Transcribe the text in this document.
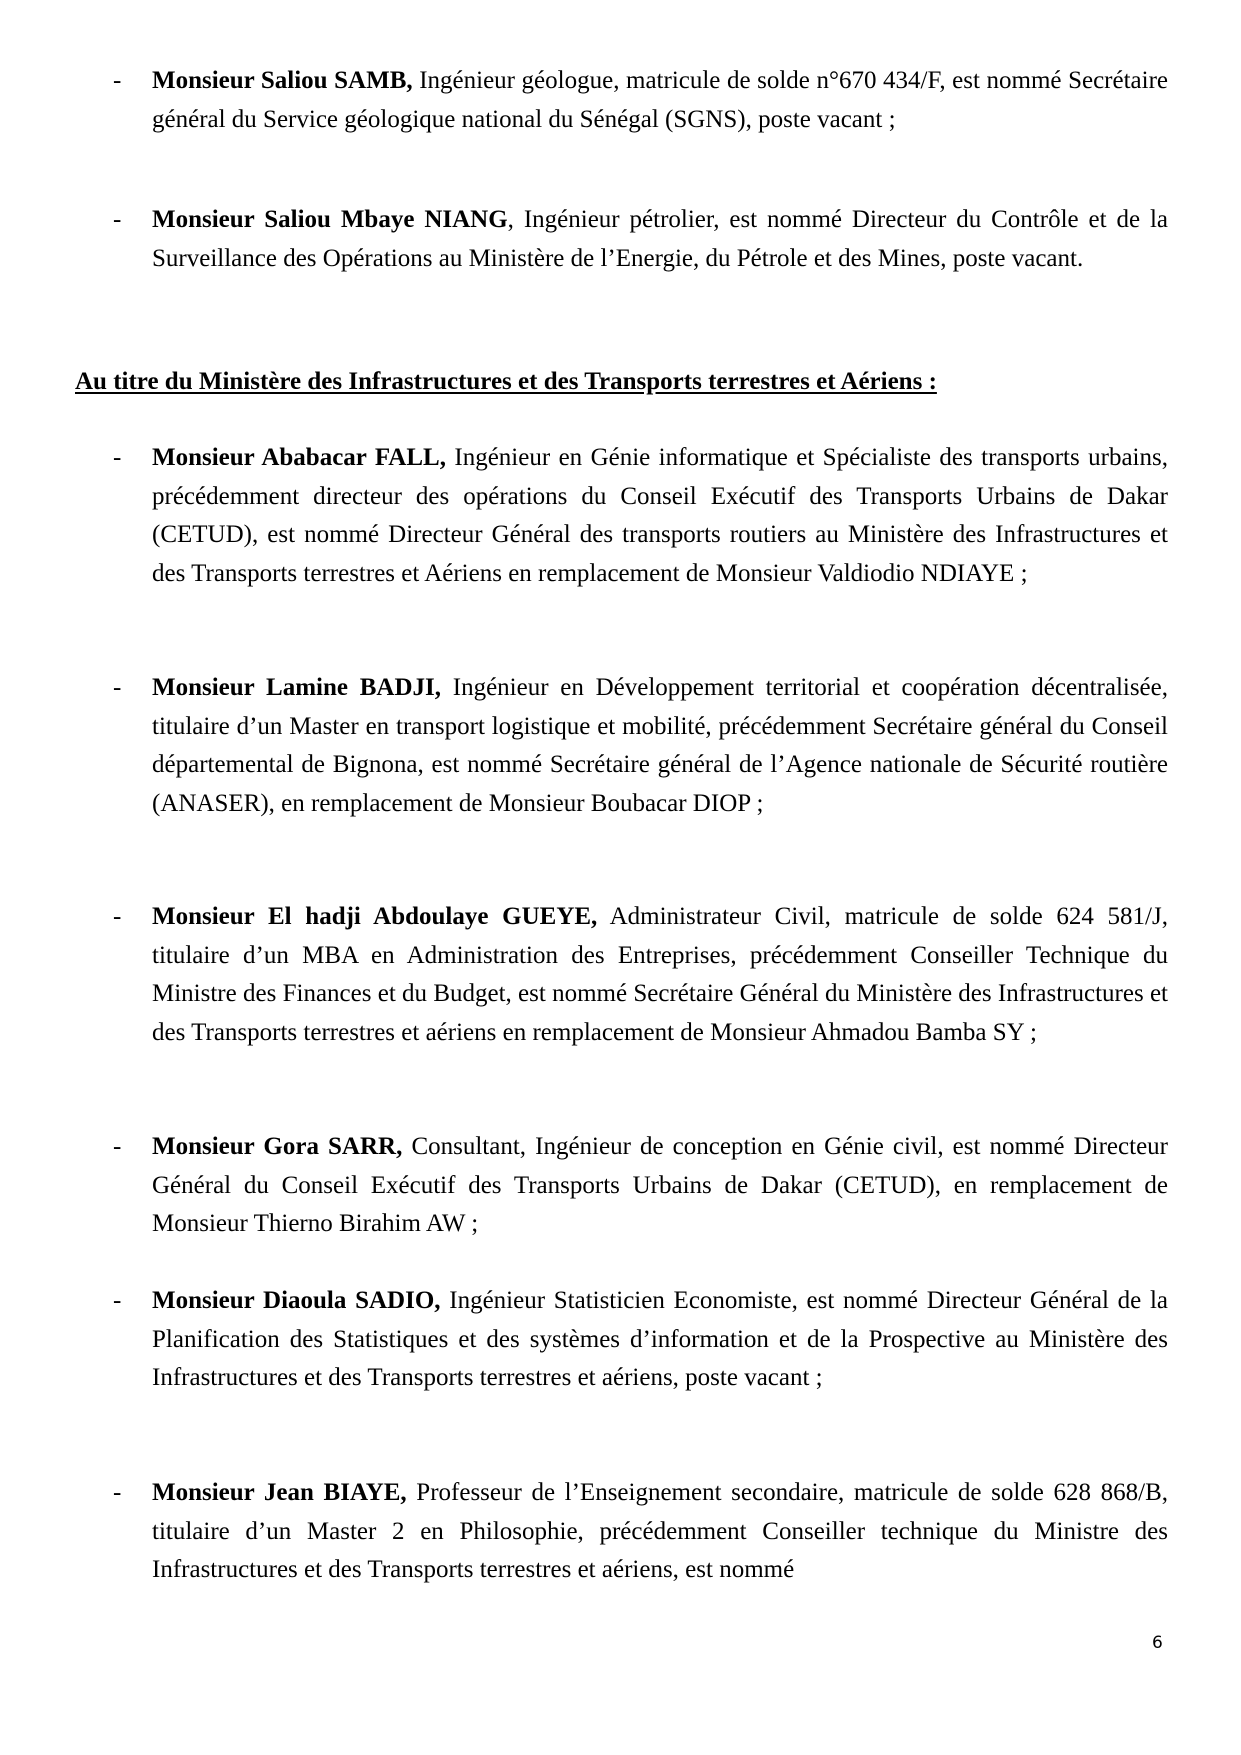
-	Monsieur Saliou SAMB, Ingénieur géologue, matricule de solde n°670 434/F, est nommé Secrétaire général du Service géologique national du Sénégal (SGNS), poste vacant ;
-	Monsieur Saliou Mbaye NIANG, Ingénieur pétrolier, est nommé Directeur du Contrôle et de la Surveillance des Opérations au Ministère de l’Energie, du Pétrole et des Mines, poste vacant.
Au titre du Ministère des Infrastructures et des Transports terrestres et Aériens :
-	Monsieur Ababacar FALL, Ingénieur en Génie informatique et Spécialiste des transports urbains, précédemment directeur des opérations du Conseil Exécutif des Transports Urbains de Dakar (CETUD), est nommé Directeur Général des transports routiers au Ministère des Infrastructures et des Transports terrestres et Aériens en remplacement de Monsieur Valdiodio NDIAYE ;
-	Monsieur Lamine BADJI, Ingénieur en Développement territorial et coopération décentralisée, titulaire d’un Master en transport logistique et mobilité, précédemment Secrétaire général du Conseil départemental de Bignona, est nommé Secrétaire général de l’Agence nationale de Sécurité routière (ANASER), en remplacement de Monsieur Boubacar DIOP ;
-	Monsieur El hadji Abdoulaye GUEYE, Administrateur Civil, matricule de solde 624 581/J, titulaire d’un MBA en Administration des Entreprises, précédemment Conseiller Technique du Ministre des Finances et du Budget, est nommé Secrétaire Général du Ministère des Infrastructures et des Transports terrestres et aériens en remplacement de Monsieur Ahmadou Bamba SY ;
-	Monsieur Gora SARR, Consultant, Ingénieur de conception en Génie civil, est nommé Directeur Général du Conseil Exécutif des Transports Urbains de Dakar (CETUD), en remplacement de Monsieur Thierno Birahim AW ;
-	Monsieur Diaoula SADIO, Ingénieur Statisticien Economiste, est nommé Directeur Général de la Planification des Statistiques et des systèmes d’information et de la Prospective au Ministère des Infrastructures et des Transports terrestres et aériens, poste vacant ;
-	Monsieur Jean BIAYE, Professeur de l’Enseignement secondaire, matricule de solde 628 868/B, titulaire d’un Master 2 en Philosophie, précédemment Conseiller technique du Ministre des Infrastructures et des Transports terrestres et aériens, est nommé
6
